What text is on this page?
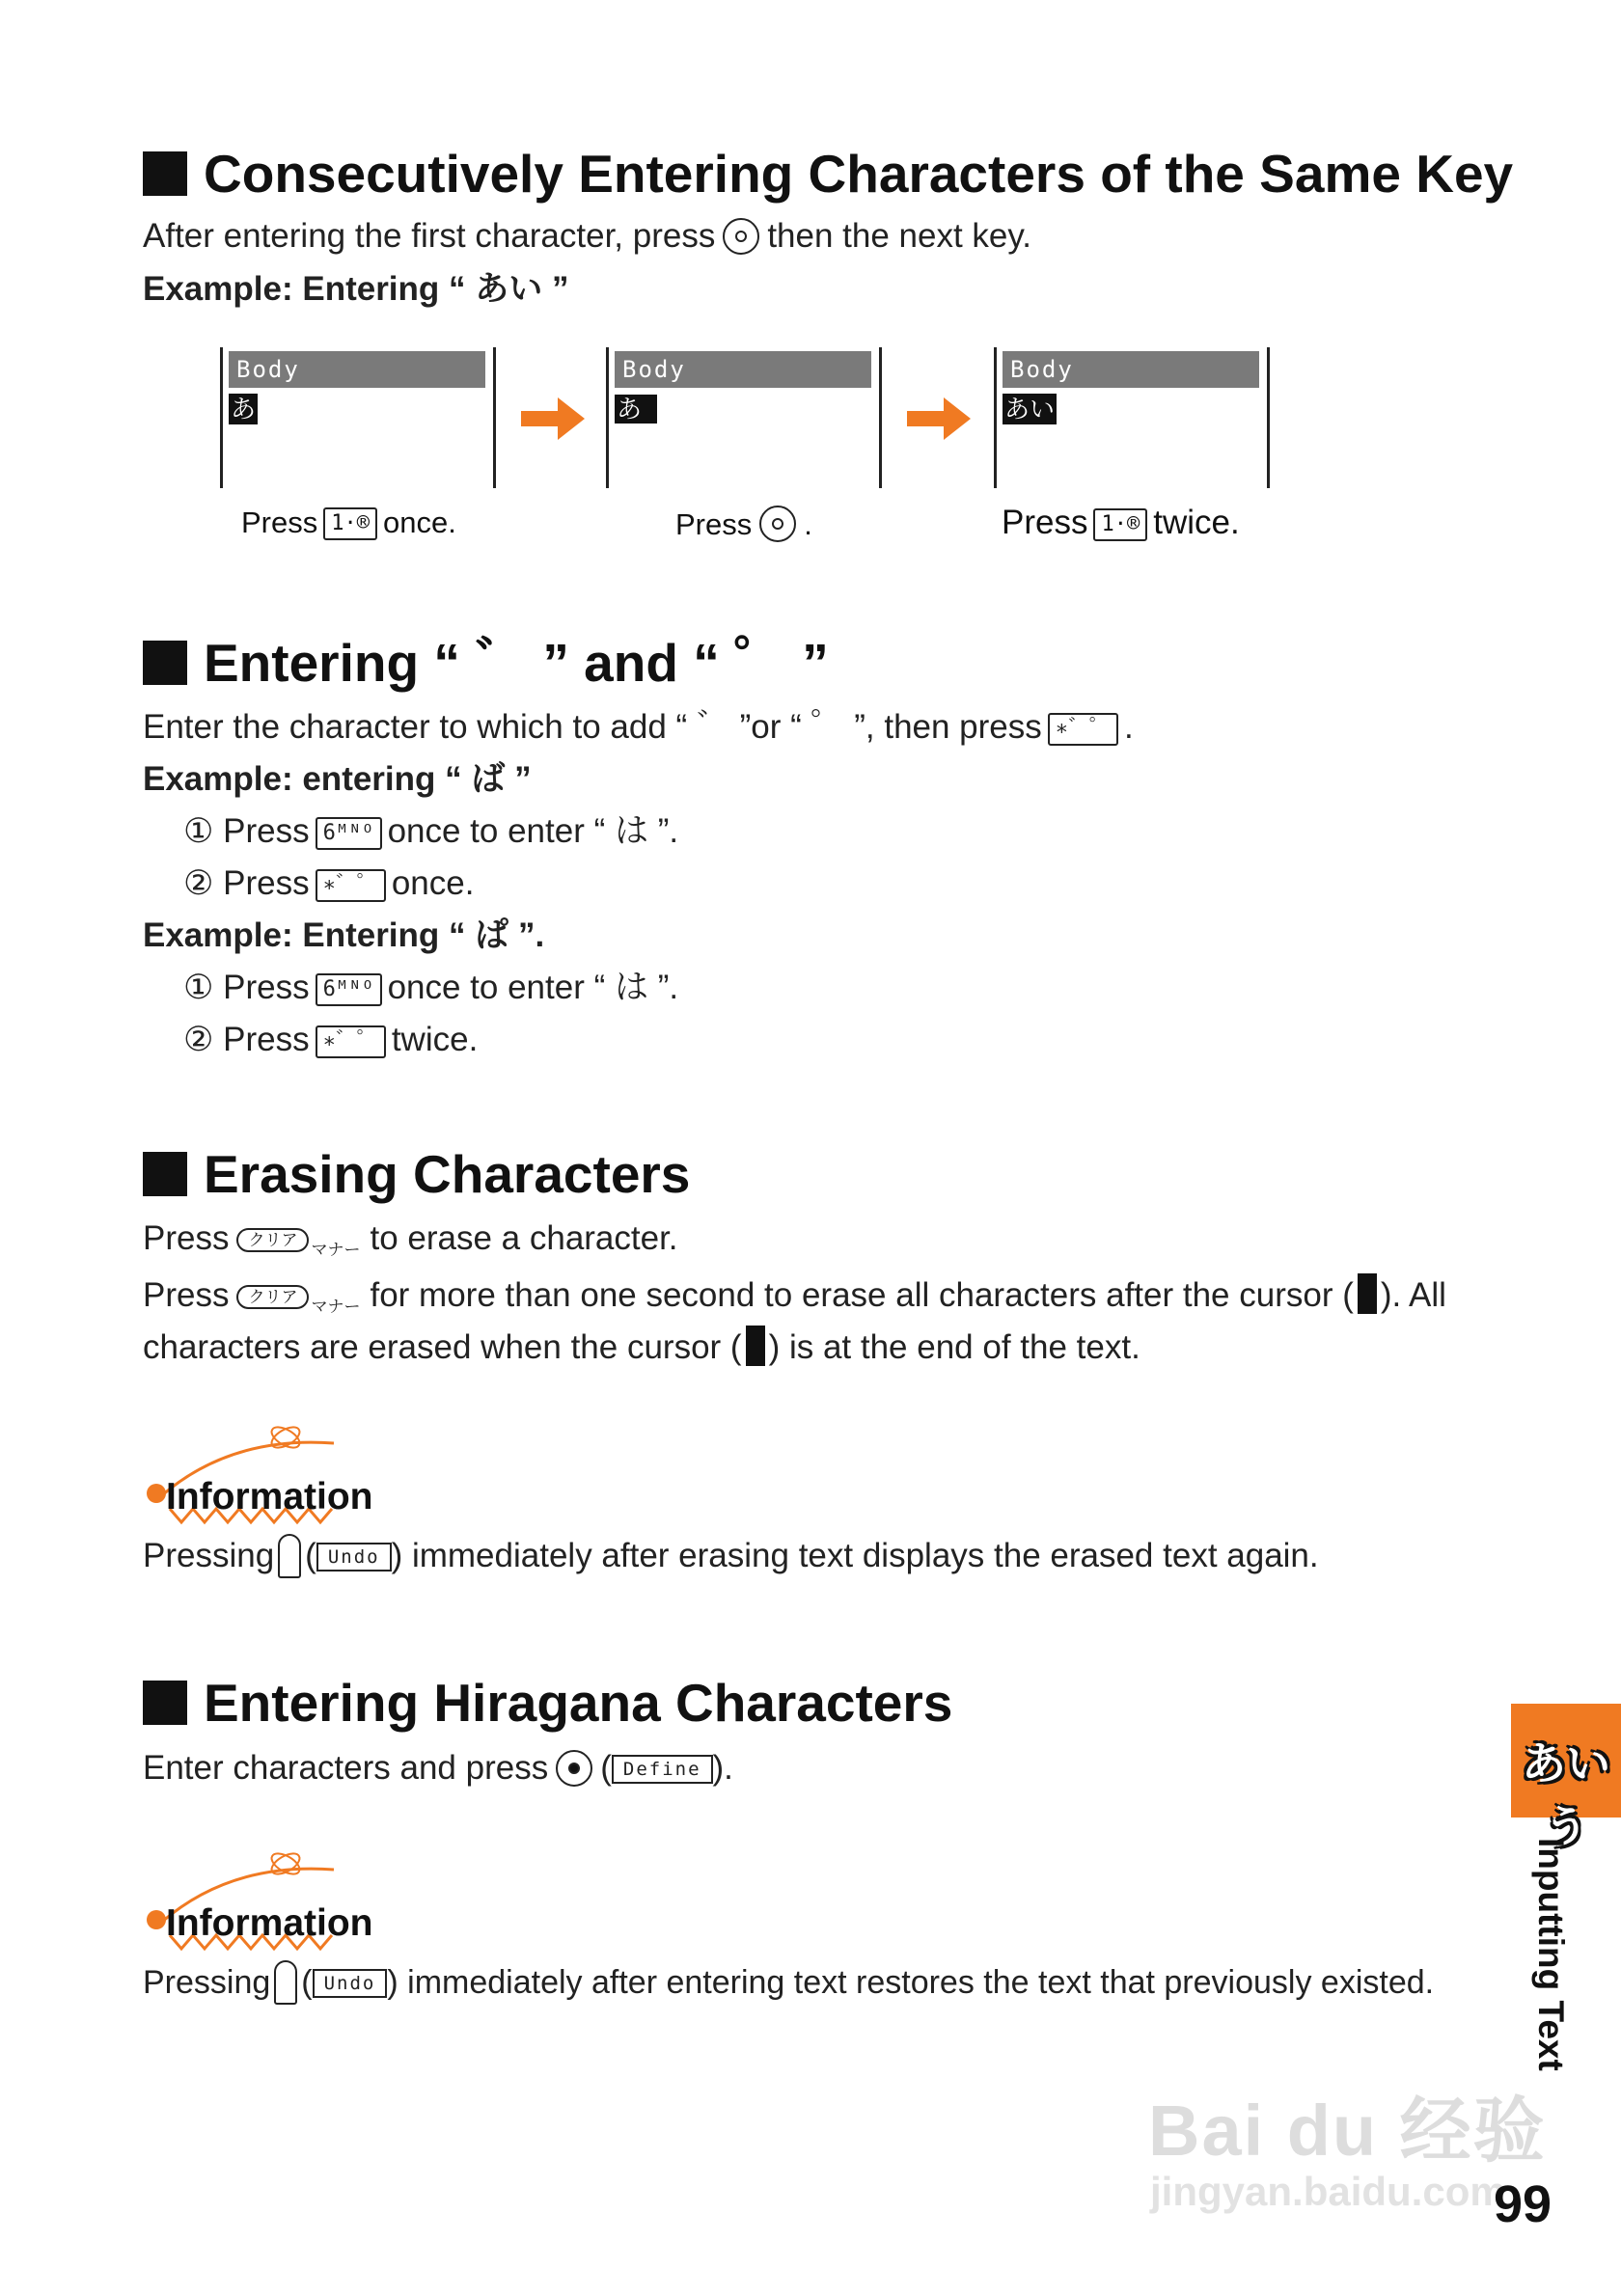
Consecutively Entering Characters of the Same Key
After entering the first character, press then the next key.
Example: Entering “ あい ”
Body
あ
Body
あ
Body
あい
Press 1·® once.	Press .	Press 1·® twice.
Entering “ ゛ ” and “ ゜ ”
Enter the character to which to add “ ゛ ”or “ ゜ ”, then press ∗゛゜ .
Example: entering “ ば ”
① Press 6ᴹᴺᴼ once to enter “ は ”.
② Press ∗゛゜ once.
Example: Entering “ ぱ ”.
① Press 6ᴹᴺᴼ once to enter “ は ”.
② Press ∗゛゜ twice.
Erasing Characters
Press クリアマナー to erase a character.
Press クリアマナー for more than one second to erase all characters after the cursor ( ). All
characters are erased when the cursor ( ) is at the end of the text.
Information
Pressing ( Undo ) immediately after erasing text displays the erased text again.
Entering Hiragana Characters
Enter characters and press ( Define ).
Information
Pressing ( Undo ) immediately after entering text restores the text that previously existed.
あいう
Inputting Text
Bai du 经验
jingyan.baidu.com
99
